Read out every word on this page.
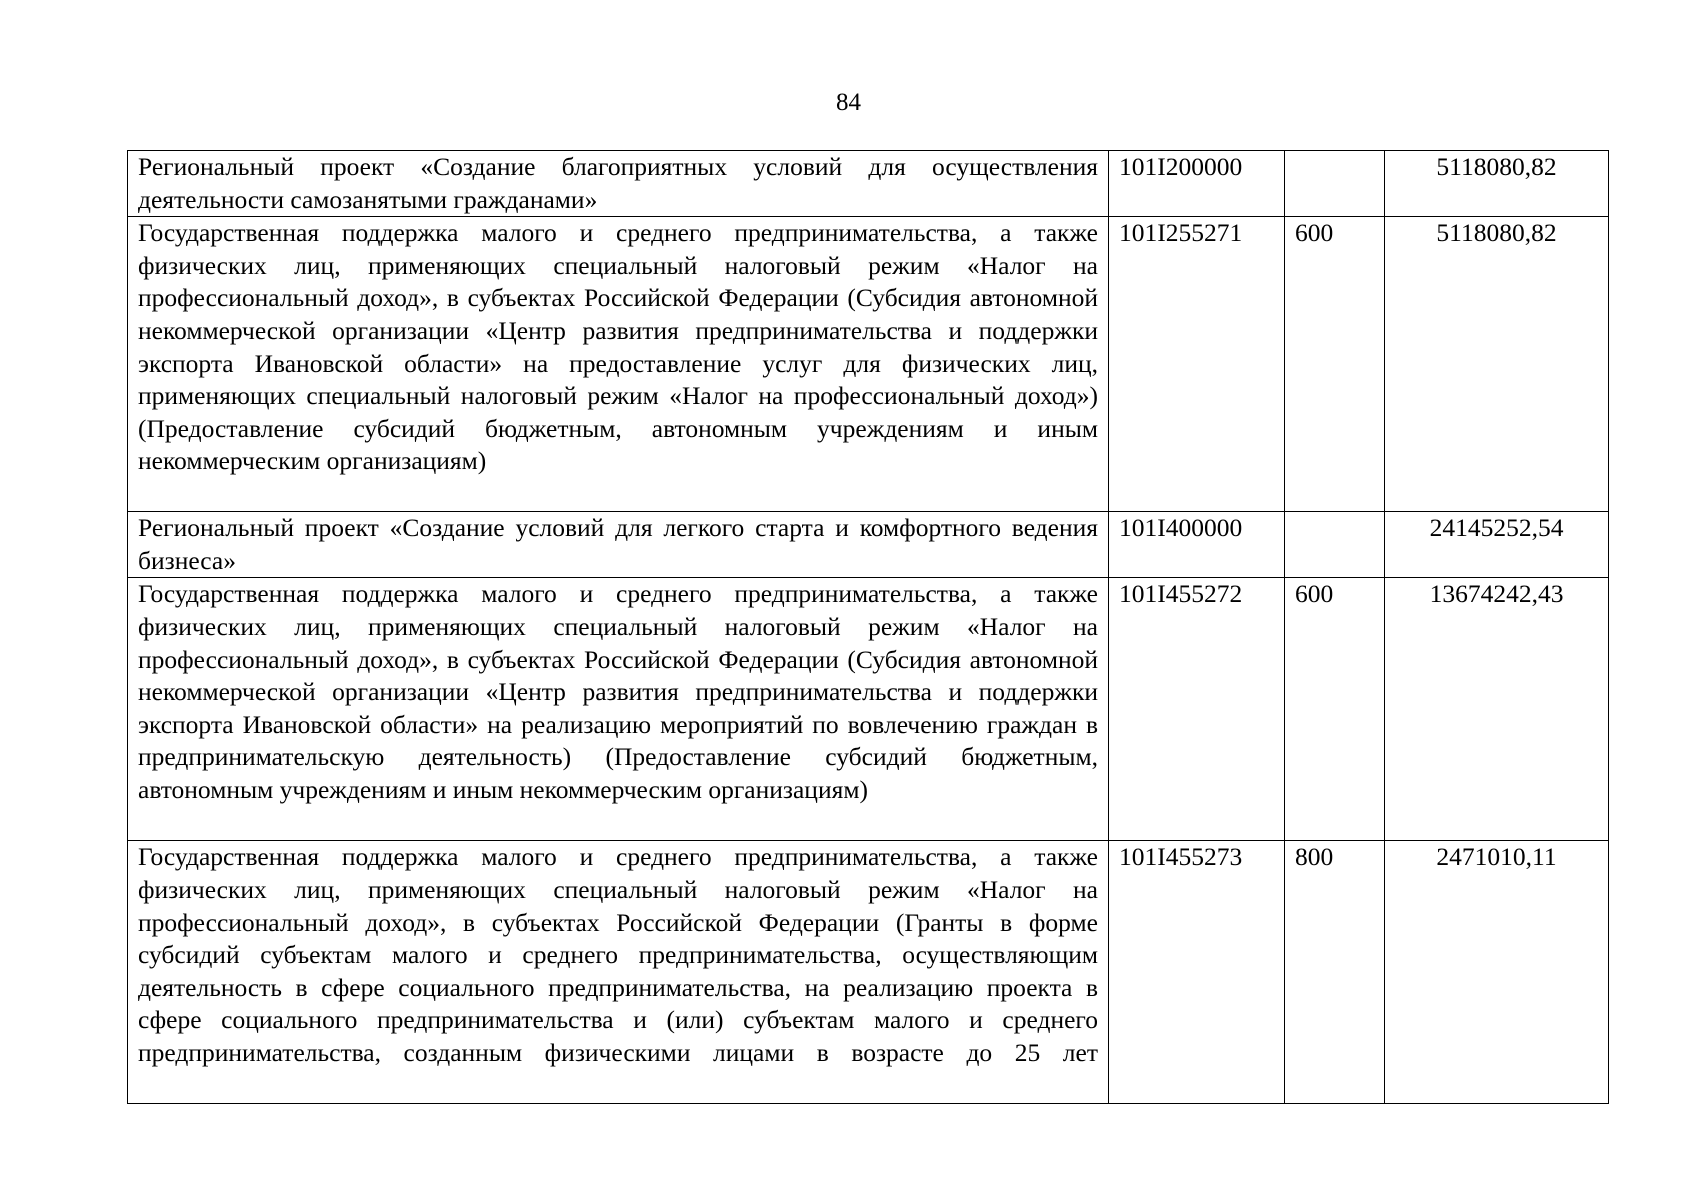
84
Региональный проект «Создание благоприятных условий для осуществления деятельности самозанятыми гражданами»	101I200000		5118080,82
Государственная поддержка малого и среднего предпринимательства, а также физических лиц, применяющих специальный налоговый режим «Налог на профессиональный доход», в субъектах Российской Федерации (Субсидия автономной некоммерческой организации «Центр развития предпринимательства и поддержки экспорта Ивановской области» на предоставление услуг для физических лиц, применяющих специальный налоговый режим «Налог на профессиональный доход») (Предоставление субсидий бюджетным, автономным учреждениям и иным некоммерческим организациям)	101I255271	600	5118080,82
Региональный проект «Создание условий для легкого старта и комфортного ведения бизнеса»	101I400000		24145252,54
Государственная поддержка малого и среднего предпринимательства, а также физических лиц, применяющих специальный налоговый режим «Налог на профессиональный доход», в субъектах Российской Федерации (Субсидия автономной некоммерческой организации «Центр развития предпринимательства и поддержки экспорта Ивановской области» на реализацию мероприятий по вовлечению граждан в предпринимательскую деятельность) (Предоставление субсидий бюджетным, автономным учреждениям и иным некоммерческим организациям)	101I455272	600	13674242,43
Государственная поддержка малого и среднего предпринимательства, а также физических лиц, применяющих специальный налоговый режим «Налог на профессиональный доход», в субъектах Российской Федерации (Гранты в форме субсидий субъектам малого и среднего предпринимательства, осуществляющим деятельность в сфере социального предпринимательства, на реализацию проекта в сфере социального предпринимательства и (или) субъектам малого и среднего предпринимательства, созданным физическими лицами в возрасте до 25 лет	101I455273	800	2471010,11
